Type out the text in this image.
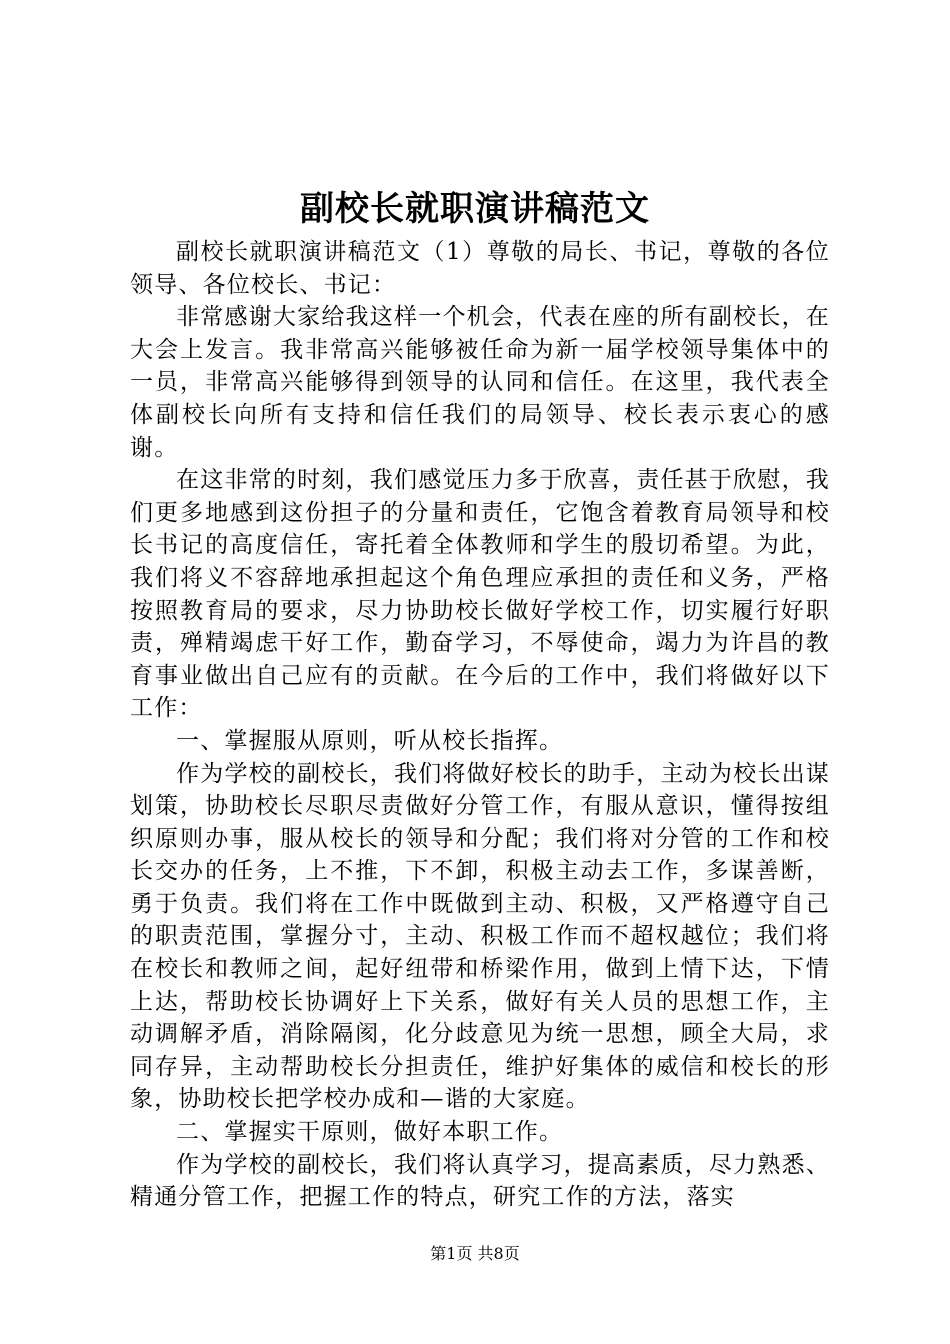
副校长就职演讲稿范文

副校长就职演讲稿范文（1）尊敬的局长、书记，尊敬的各位领导、各位校长、书记：

非常感谢大家给我这样一个机会，代表在座的所有副校长，在大会上发言。我非常高兴能够被任命为新一届学校领导集体中的一员，非常高兴能够得到领导的认同和信任。在这里，我代表全体副校长向所有支持和信任我们的局领导、校长表示衷心的感谢。

在这非常的时刻，我们感觉压力多于欣喜，责任甚于欣慰，我们更多地感到这份担子的分量和责任，它饱含着教育局领导和校长书记的高度信任，寄托着全体教师和学生的殷切希望。为此，我们将义不容辞地承担起这个角色理应承担的责任和义务，严格按照教育局的要求，尽力协助校长做好学校工作，切实履行好职责，殚精竭虑干好工作，勤奋学习，不辱使命，竭力为许昌的教育事业做出自己应有的贡献。在今后的工作中，我们将做好以下工作：

一、掌握服从原则，听从校长指挥。

作为学校的副校长，我们将做好校长的助手，主动为校长出谋划策，协助校长尽职尽责做好分管工作，有服从意识，懂得按组织原则办事，服从校长的领导和分配；我们将对分管的工作和校长交办的任务，上不推，下不卸，积极主动去工作，多谋善断，勇于负责。我们将在工作中既做到主动、积极，又严格遵守自己的职责范围，掌握分寸，主动、积极工作而不超权越位；我们将在校长和教师之间，起好纽带和桥梁作用，做到上情下达，下情上达，帮助校长协调好上下关系，做好有关人员的思想工作，主动调解矛盾，消除隔阂，化分歧意见为统一思想，顾全大局，求同存异，主动帮助校长分担责任，维护好集体的威信和校长的形象，协助校长把学校办成和—谐的大家庭。

二、掌握实干原则，做好本职工作。

作为学校的副校长，我们将认真学习，提高素质，尽力熟悉、精通分管工作，把握工作的特点，研究工作的方法，落实

第1页 共8页
